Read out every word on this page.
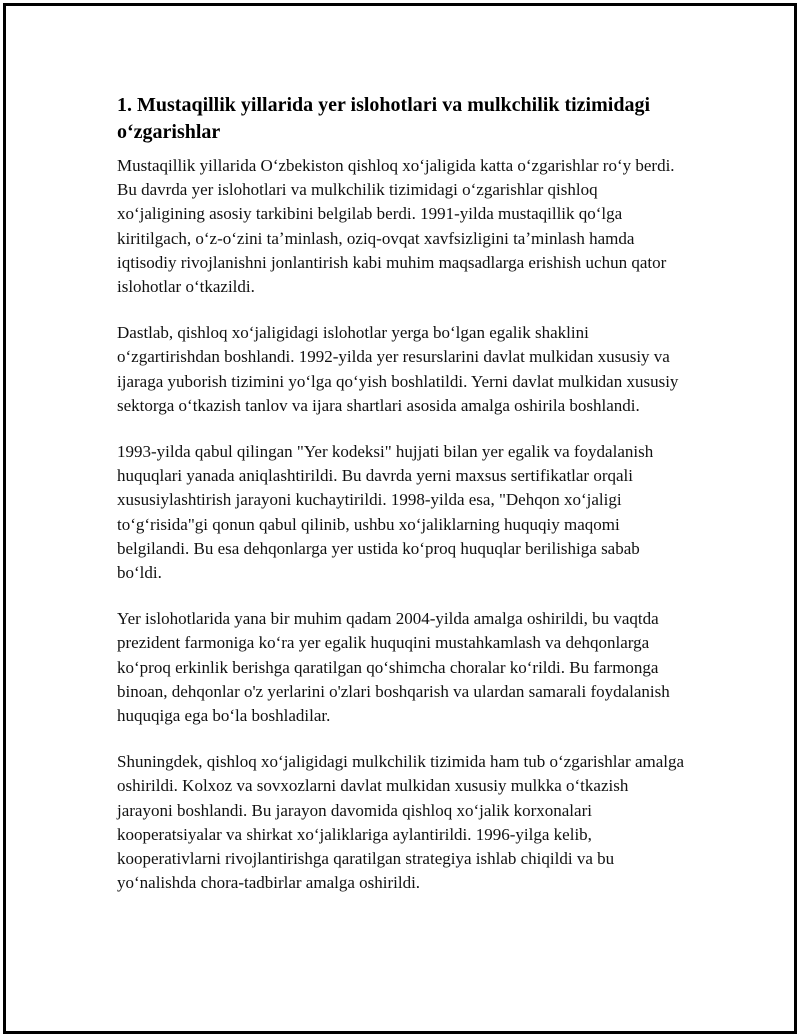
1. Mustaqillik yillarida yer islohotlari va mulkchilik tizimidagi oʻzgarishlar

Mustaqillik yillarida Oʻzbekiston qishloq xoʻjaligida katta oʻzgarishlar roʻy berdi. Bu davrda yer islohotlari va mulkchilik tizimidagi oʻzgarishlar qishloq xoʻjaligining asosiy tarkibini belgilab berdi. 1991-yilda mustaqillik qoʻlga kiritilgach, oʻz-oʻzini taʼminlash, oziq-ovqat xavfsizligini taʼminlash hamda iqtisodiy rivojlanishni jonlantirish kabi muhim maqsadlarga erishish uchun qator islohotlar oʻtkazildi.

Dastlab, qishloq xoʻjaligidagi islohotlar yerga boʻlgan egalik shaklini oʻzgartirishdan boshlandi. 1992-yilda yer resurslarini davlat mulkidan xususiy va ijaraga yuborish tizimini yoʻlga qoʻyish boshlatildi. Yerni davlat mulkidan xususiy sektorga oʻtkazish tanlov va ijara shartlari asosida amalga oshirila boshlandi.

1993-yilda qabul qilingan "Yer kodeksi" hujjati bilan yer egalik va foydalanish huquqlari yanada aniqlashtirildi. Bu davrda yerni maxsus sertifikatlar orqali xususiylashtirish jarayoni kuchaytirildi. 1998-yilda esa, "Dehqon xoʻjaligi toʻgʻrisida"gi qonun qabul qilinib, ushbu xoʻjaliklarning huquqiy maqomi belgilandi. Bu esa dehqonlarga yer ustida koʻproq huquqlar berilishiga sabab boʻldi.

Yer islohotlarida yana bir muhim qadam 2004-yilda amalga oshirildi, bu vaqtda prezident farmoniga koʻra yer egalik huquqini mustahkamlash va dehqonlarga koʻproq erkinlik berishga qaratilgan qoʻshimcha choralar koʻrildi. Bu farmonga binoan, dehqonlar o'z yerlarini o'zlari boshqarish va ulardan samarali foydalanish huquqiga ega boʻla boshladilar.

Shuningdek, qishloq xoʻjaligidagi mulkchilik tizimida ham tub oʻzgarishlar amalga oshirildi. Kolxoz va sovxozlarni davlat mulkidan xususiy mulkka oʻtkazish jarayoni boshlandi. Bu jarayon davomida qishloq xoʻjalik korxonalari kooperatsiyalar va shirkat xoʻjaliklariga aylantirildi. 1996-yilga kelib, kooperativlarni rivojlantirishga qaratilgan strategiya ishlab chiqildi va bu yoʻnalishda chora-tadbirlar amalga oshirildi.
